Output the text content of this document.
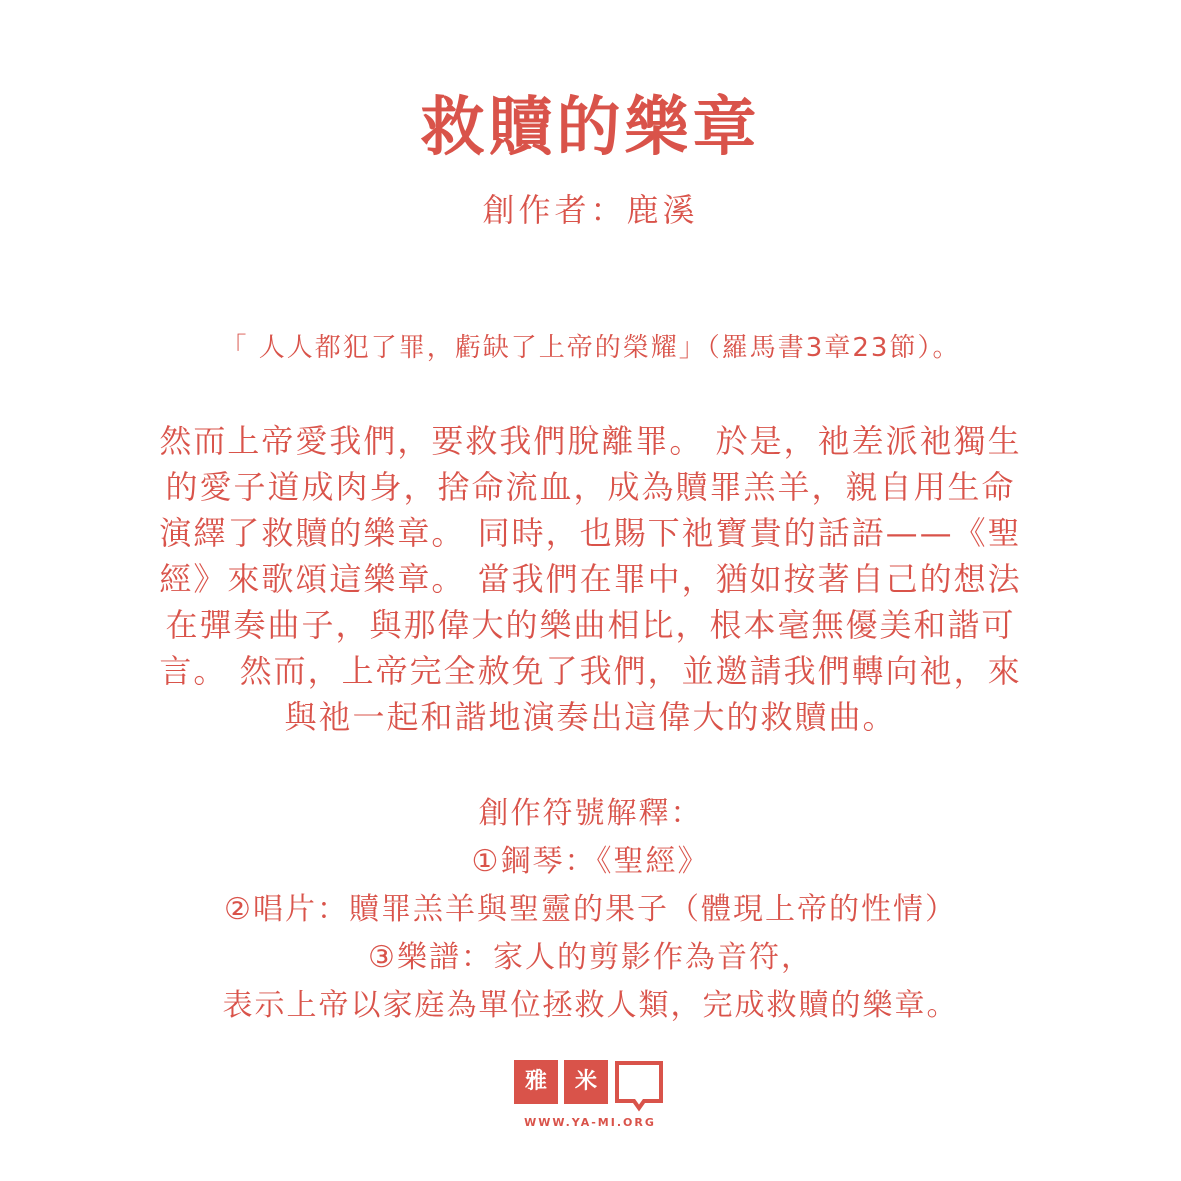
救贖的樂章
創作者：鹿溪
「 人人都犯了罪，虧缺了上帝的榮耀」（羅馬書3章23節）。
然而上帝愛我們，要救我們脫離罪。 於是，祂差派祂獨生
的愛子道成肉身，捨命流血，成為贖罪羔羊，親自用生命
演繹了救贖的樂章。 同時，也賜下祂寶貴的話語——《聖
經》來歌頌這樂章。 當我們在罪中，猶如按著自己的想法
在彈奏曲子，與那偉大的樂曲相比，根本毫無優美和諧可
言。 然而，上帝完全赦免了我們，並邀請我們轉向祂，來
與祂一起和諧地演奏出這偉大的救贖曲。
創作符號解釋：
①鋼琴：《聖經》
②唱片：贖罪羔羊與聖靈的果子（體現上帝的性情）
③樂譜：家人的剪影作為音符，
表示上帝以家庭為單位拯救人類，完成救贖的樂章。
雅	米
WWW.YA-MI.ORG
